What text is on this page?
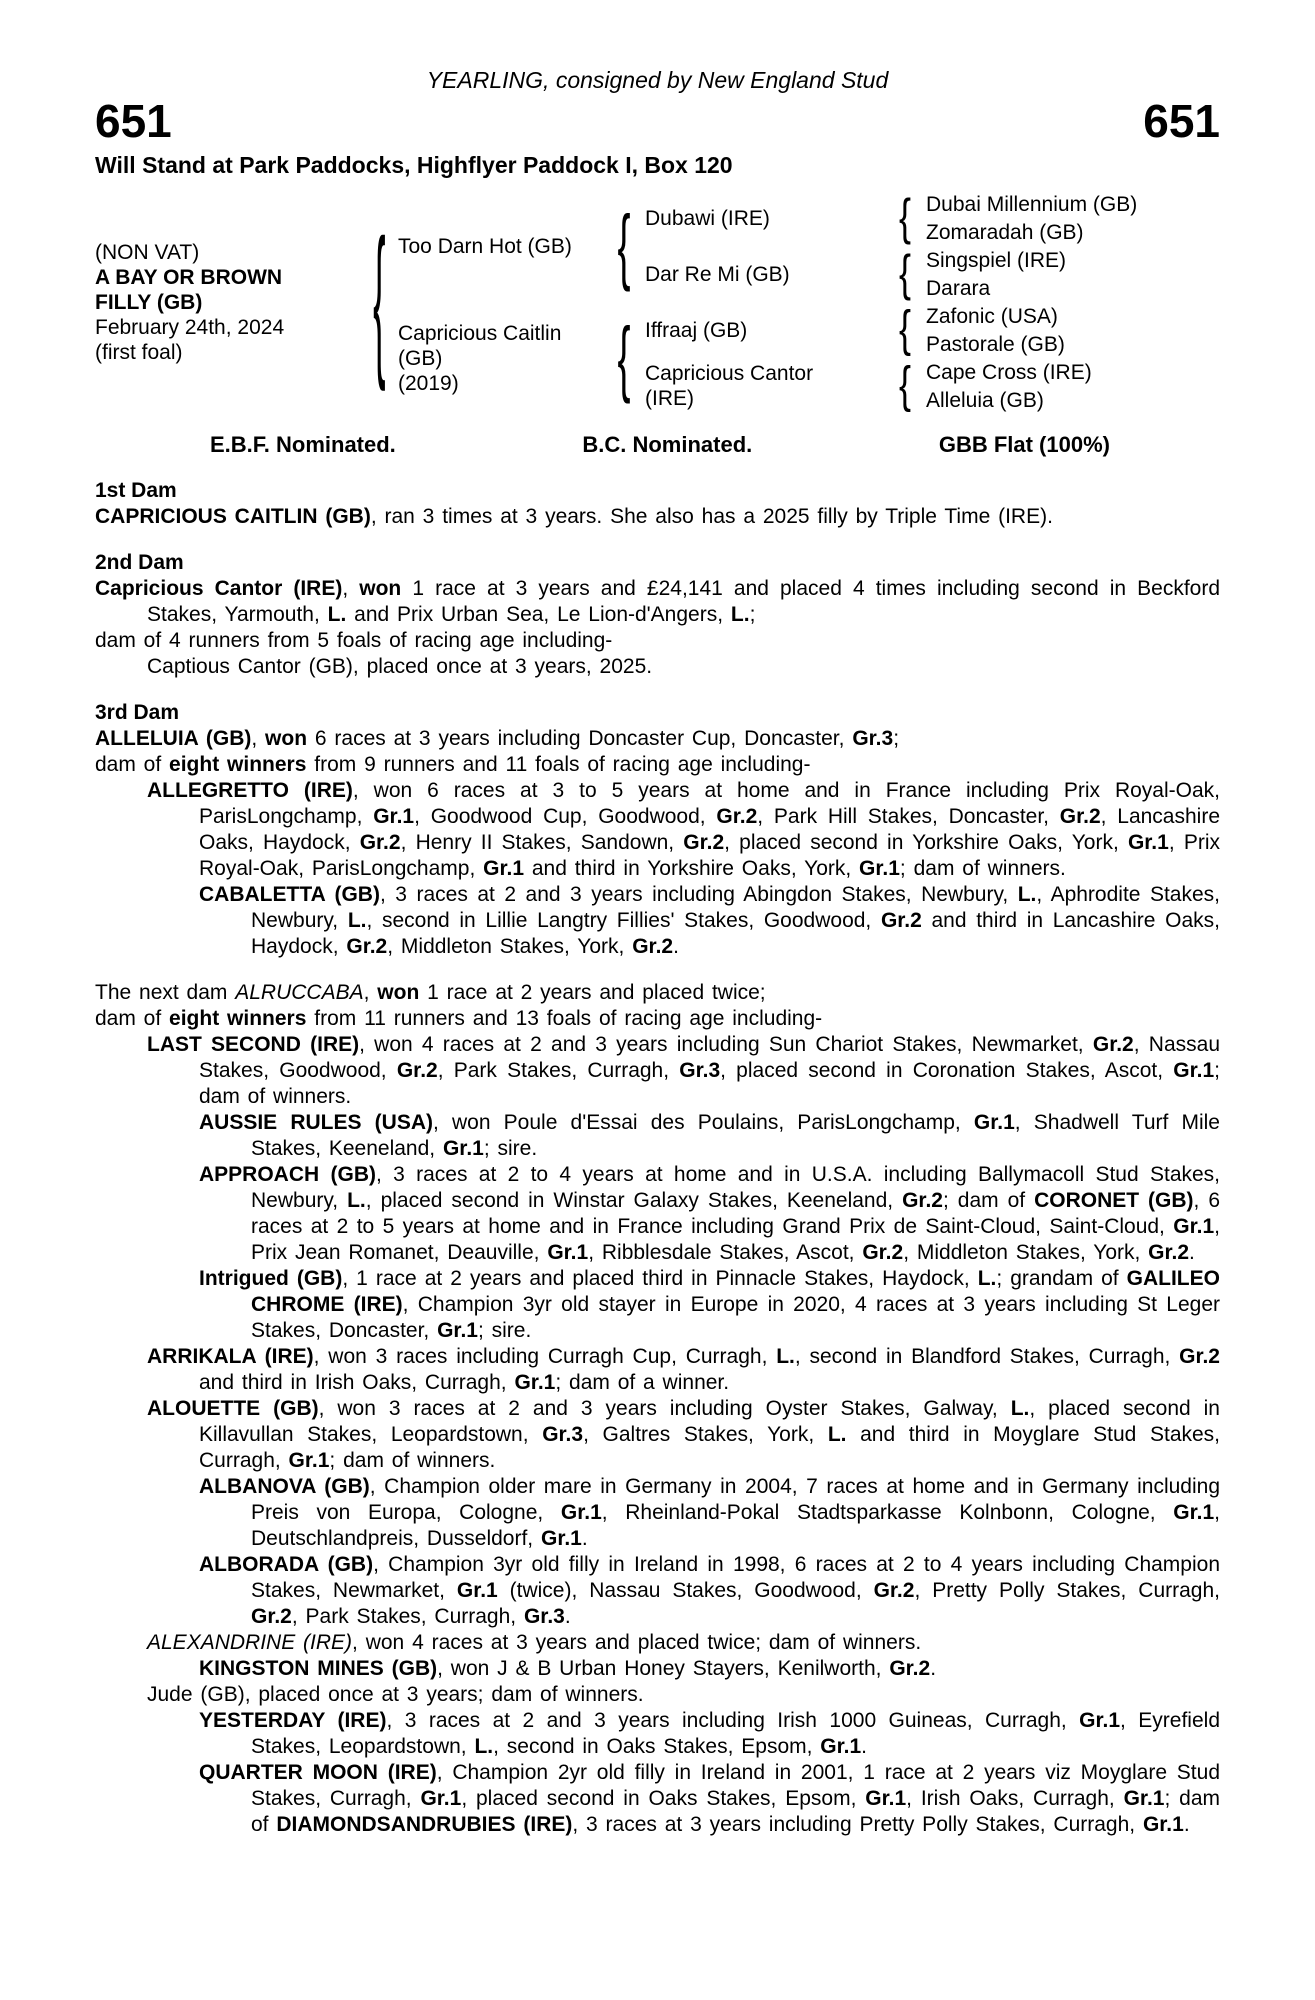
YEARLING, consigned by New England Stud
651	651
Will Stand at Park Paddocks, Highflyer Paddock I, Box 120
(NON VAT)
A BAY OR BROWN
FILLY (GB)
February 24th, 2024
(first foal)
{
Too Darn Hot (GB)
Capricious Caitlin
(GB)
(2019)
{
{
Dubawi (IRE)
Dar Re Mi (GB)
Iffraaj (GB)
Capricious Cantor
(IRE)
{
{
{
{
Dubai Millennium (GB)
Zomaradah (GB)
Singspiel (IRE)
Darara
Zafonic (USA)
Pastorale (GB)
Cape Cross (IRE)
Alleluia (GB)
E.B.F. Nominated.	B.C. Nominated.	GBB Flat (100%)
1st Dam

CAPRICIOUS CAITLIN (GB), ran 3 times at 3 years. She also has a 2025 filly by Triple Time (IRE).

2nd Dam

Capricious Cantor (IRE), won 1 race at 3 years and £24,141 and placed 4 times including second in Beckford Stakes, Yarmouth, L. and Prix Urban Sea, Le Lion-d'Angers, L.;

dam of 4 runners from 5 foals of racing age including-

Captious Cantor (GB), placed once at 3 years, 2025.

3rd Dam

ALLELUIA (GB), won 6 races at 3 years including Doncaster Cup, Doncaster, Gr.3;

dam of eight winners from 9 runners and 11 foals of racing age including-

ALLEGRETTO (IRE), won 6 races at 3 to 5 years at home and in France including Prix Royal-Oak, ParisLongchamp, Gr.1, Goodwood Cup, Goodwood, Gr.2, Park Hill Stakes, Doncaster, Gr.2, Lancashire Oaks, Haydock, Gr.2, Henry II Stakes, Sandown, Gr.2, placed second in Yorkshire Oaks, York, Gr.1, Prix Royal-Oak, ParisLongchamp, Gr.1 and third in Yorkshire Oaks, York, Gr.1; dam of winners.

CABALETTA (GB), 3 races at 2 and 3 years including Abingdon Stakes, Newbury, L., Aphrodite Stakes, Newbury, L., second in Lillie Langtry Fillies' Stakes, Goodwood, Gr.2 and third in Lancashire Oaks, Haydock, Gr.2, Middleton Stakes, York, Gr.2.

The next dam ALRUCCABA, won 1 race at 2 years and placed twice;

dam of eight winners from 11 runners and 13 foals of racing age including-

LAST SECOND (IRE), won 4 races at 2 and 3 years including Sun Chariot Stakes, Newmarket, Gr.2, Nassau Stakes, Goodwood, Gr.2, Park Stakes, Curragh, Gr.3, placed second in Coronation Stakes, Ascot, Gr.1; dam of winners.

AUSSIE RULES (USA), won Poule d'Essai des Poulains, ParisLongchamp, Gr.1, Shadwell Turf Mile Stakes, Keeneland, Gr.1; sire.

APPROACH (GB), 3 races at 2 to 4 years at home and in U.S.A. including Ballymacoll Stud Stakes, Newbury, L., placed second in Winstar Galaxy Stakes, Keeneland, Gr.2; dam of CORONET (GB), 6 races at 2 to 5 years at home and in France including Grand Prix de Saint-Cloud, Saint-Cloud, Gr.1, Prix Jean Romanet, Deauville, Gr.1, Ribblesdale Stakes, Ascot, Gr.2, Middleton Stakes, York, Gr.2.

Intrigued (GB), 1 race at 2 years and placed third in Pinnacle Stakes, Haydock, L.; grandam of GALILEO CHROME (IRE), Champion 3yr old stayer in Europe in 2020, 4 races at 3 years including St Leger Stakes, Doncaster, Gr.1; sire.

ARRIKALA (IRE), won 3 races including Curragh Cup, Curragh, L., second in Blandford Stakes, Curragh, Gr.2 and third in Irish Oaks, Curragh, Gr.1; dam of a winner.

ALOUETTE (GB), won 3 races at 2 and 3 years including Oyster Stakes, Galway, L., placed second in Killavullan Stakes, Leopardstown, Gr.3, Galtres Stakes, York, L. and third in Moyglare Stud Stakes, Curragh, Gr.1; dam of winners.

ALBANOVA (GB), Champion older mare in Germany in 2004, 7 races at home and in Germany including Preis von Europa, Cologne, Gr.1, Rheinland-Pokal Stadtsparkasse Kolnbonn, Cologne, Gr.1, Deutschlandpreis, Dusseldorf, Gr.1.

ALBORADA (GB), Champion 3yr old filly in Ireland in 1998, 6 races at 2 to 4 years including Champion Stakes, Newmarket, Gr.1 (twice), Nassau Stakes, Goodwood, Gr.2, Pretty Polly Stakes, Curragh, Gr.2, Park Stakes, Curragh, Gr.3.

ALEXANDRINE (IRE), won 4 races at 3 years and placed twice; dam of winners.

KINGSTON MINES (GB), won J & B Urban Honey Stayers, Kenilworth, Gr.2.

Jude (GB), placed once at 3 years; dam of winners.

YESTERDAY (IRE), 3 races at 2 and 3 years including Irish 1000 Guineas, Curragh, Gr.1, Eyrefield Stakes, Leopardstown, L., second in Oaks Stakes, Epsom, Gr.1.

QUARTER MOON (IRE), Champion 2yr old filly in Ireland in 2001, 1 race at 2 years viz Moyglare Stud Stakes, Curragh, Gr.1, placed second in Oaks Stakes, Epsom, Gr.1, Irish Oaks, Curragh, Gr.1; dam of DIAMONDSANDRUBIES (IRE), 3 races at 3 years including Pretty Polly Stakes, Curragh, Gr.1.
